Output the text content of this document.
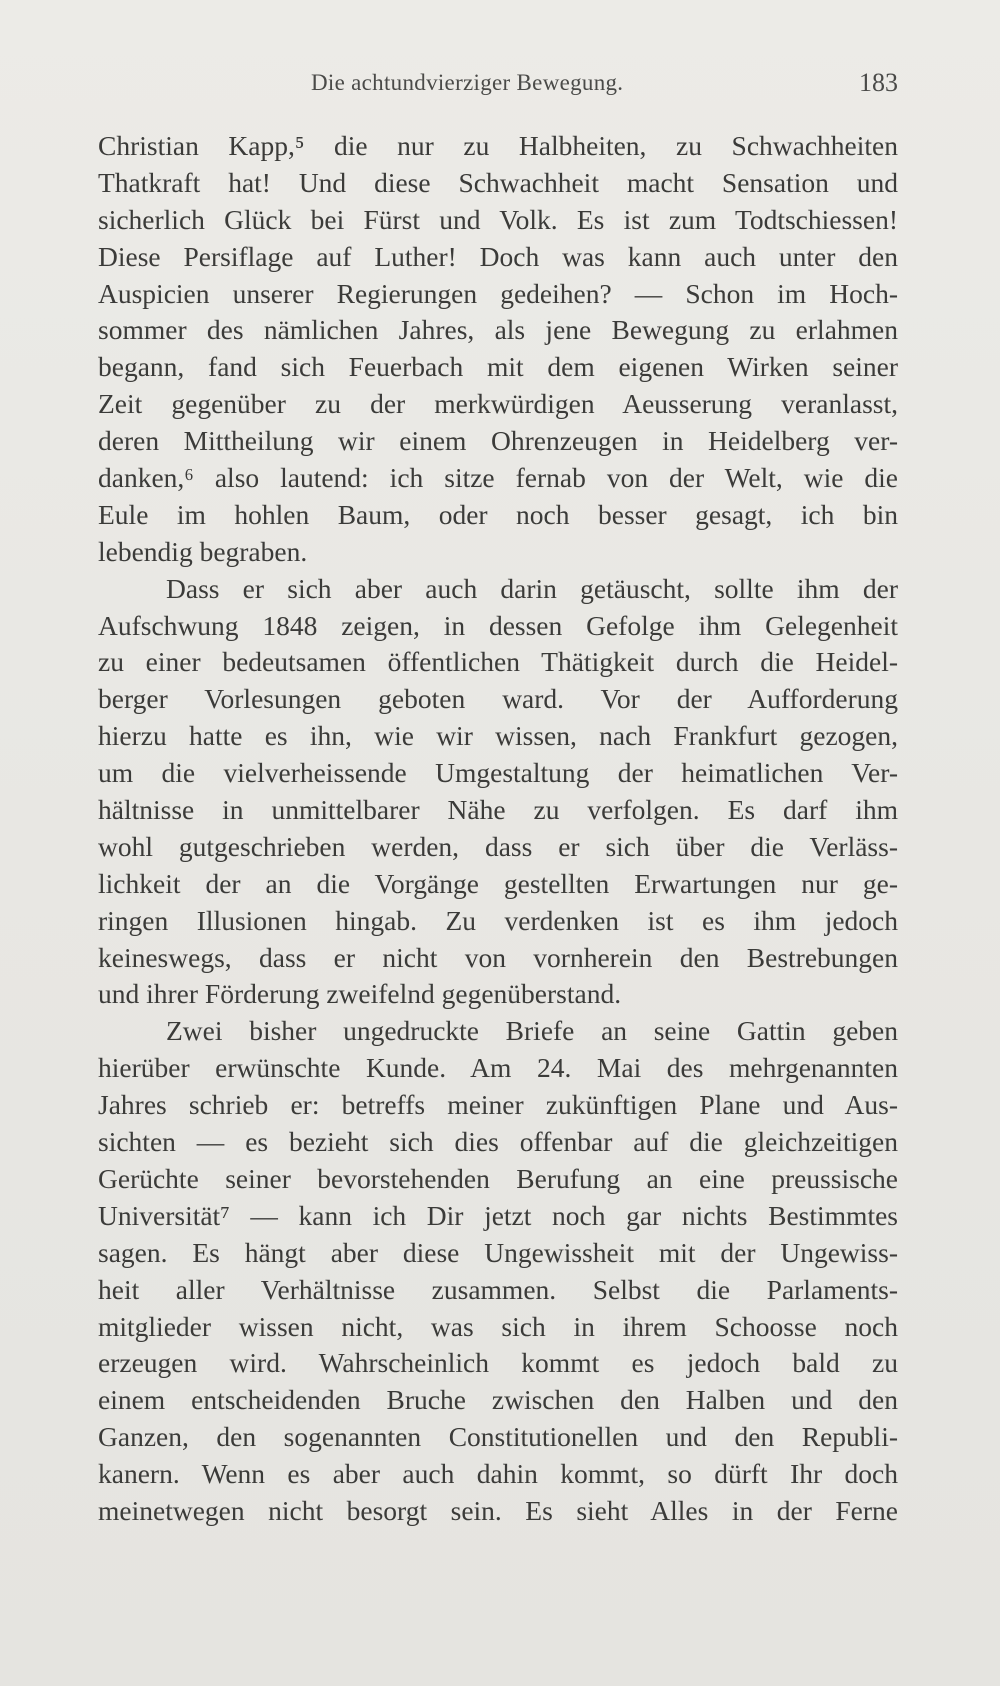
Die achtundvierziger Bewegung.	183
Christian Kapp,⁵ die nur zu Halbheiten, zu Schwachheiten
Thatkraft hat! Und diese Schwachheit macht Sensation und
sicherlich Glück bei Fürst und Volk. Es ist zum Todtschiessen!
Diese Persiflage auf Luther! Doch was kann auch unter den
Auspicien unserer Regierungen gedeihen? — Schon im Hoch-
sommer des nämlichen Jahres, als jene Bewegung zu erlahmen
begann, fand sich Feuerbach mit dem eigenen Wirken seiner
Zeit gegenüber zu der merkwürdigen Aeusserung veranlasst,
deren Mittheilung wir einem Ohrenzeugen in Heidelberg ver-
danken,⁶ also lautend: ich sitze fernab von der Welt, wie die
Eule im hohlen Baum, oder noch besser gesagt, ich bin
lebendig begraben.
Dass er sich aber auch darin getäuscht, sollte ihm der
Aufschwung 1848 zeigen, in dessen Gefolge ihm Gelegenheit
zu einer bedeutsamen öffentlichen Thätigkeit durch die Heidel-
berger Vorlesungen geboten ward. Vor der Aufforderung
hierzu hatte es ihn, wie wir wissen, nach Frankfurt gezogen,
um die vielverheissende Umgestaltung der heimatlichen Ver-
hältnisse in unmittelbarer Nähe zu verfolgen. Es darf ihm
wohl gutgeschrieben werden, dass er sich über die Verläss-
lichkeit der an die Vorgänge gestellten Erwartungen nur ge-
ringen Illusionen hingab. Zu verdenken ist es ihm jedoch
keineswegs, dass er nicht von vornherein den Bestrebungen
und ihrer Förderung zweifelnd gegenüberstand.
Zwei bisher ungedruckte Briefe an seine Gattin geben
hierüber erwünschte Kunde. Am 24. Mai des mehrgenannten
Jahres schrieb er: betreffs meiner zukünftigen Plane und Aus-
sichten — es bezieht sich dies offenbar auf die gleichzeitigen
Gerüchte seiner bevorstehenden Berufung an eine preussische
Universität⁷ — kann ich Dir jetzt noch gar nichts Bestimmtes
sagen. Es hängt aber diese Ungewissheit mit der Ungewiss-
heit aller Verhältnisse zusammen. Selbst die Parlaments-
mitglieder wissen nicht, was sich in ihrem Schoosse noch
erzeugen wird. Wahrscheinlich kommt es jedoch bald zu
einem entscheidenden Bruche zwischen den Halben und den
Ganzen, den sogenannten Constitutionellen und den Republi-
kanern. Wenn es aber auch dahin kommt, so dürft Ihr doch
meinetwegen nicht besorgt sein. Es sieht Alles in der Ferne
